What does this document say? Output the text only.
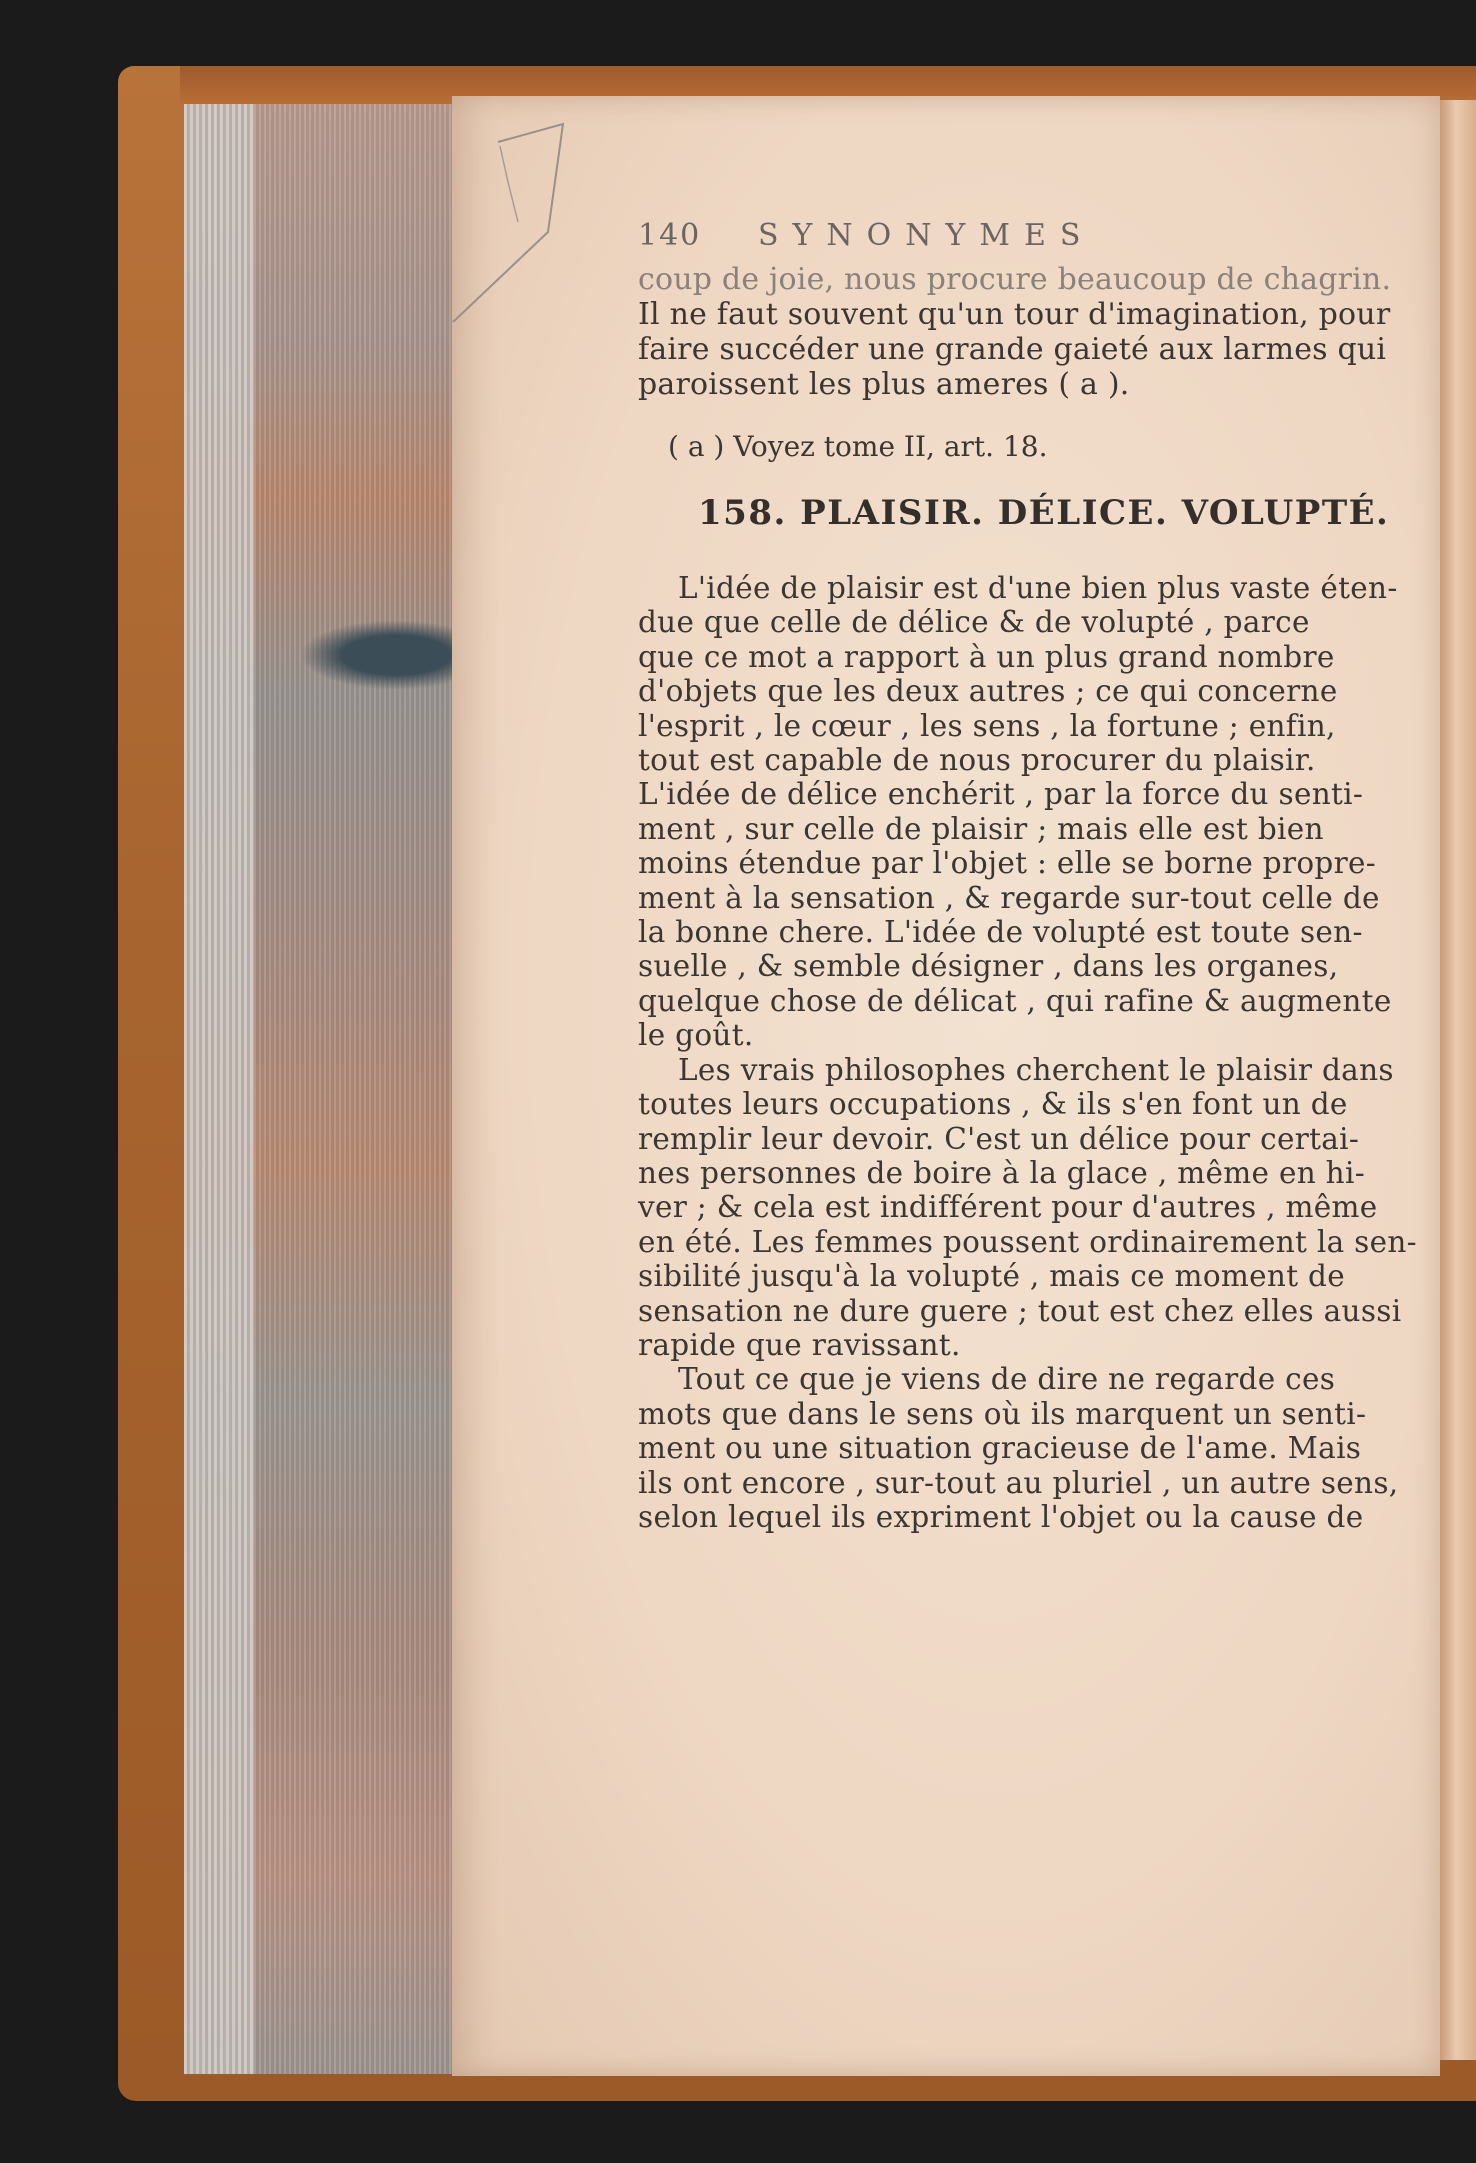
140	SYNONYMES
coup de joie, nous procure beaucoup de chagrin.
Il ne faut souvent qu'un tour d'imagination, pour
faire succéder une grande gaieté aux larmes qui
paroissent les plus ameres ( a ).
( a ) Voyez tome II, art. 18.
158. PLAISIR. DÉLICE. VOLUPTÉ.
L'idée de plaisir est d'une bien plus vaste éten-
due que celle de délice & de volupté , parce
que ce mot a rapport à un plus grand nombre
d'objets que les deux autres ; ce qui concerne
l'esprit , le cœur , les sens , la fortune ; enfin,
tout est capable de nous procurer du plaisir.
L'idée de délice enchérit , par la force du senti-
ment , sur celle de plaisir ; mais elle est bien
moins étendue par l'objet : elle se borne propre-
ment à la sensation , & regarde sur-tout celle de
la bonne chere. L'idée de volupté est toute sen-
suelle , & semble désigner , dans les organes,
quelque chose de délicat , qui rafine & augmente
le goût.
Les vrais philosophes cherchent le plaisir dans
toutes leurs occupations , & ils s'en font un de
remplir leur devoir. C'est un délice pour certai-
nes personnes de boire à la glace , même en hi-
ver ; & cela est indifférent pour d'autres , même
en été. Les femmes poussent ordinairement la sen-
sibilité jusqu'à la volupté , mais ce moment de
sensation ne dure guere ; tout est chez elles aussi
rapide que ravissant.
Tout ce que je viens de dire ne regarde ces
mots que dans le sens où ils marquent un senti-
ment ou une situation gracieuse de l'ame. Mais
ils ont encore , sur-tout au pluriel , un autre sens,
selon lequel ils expriment l'objet ou la cause de
